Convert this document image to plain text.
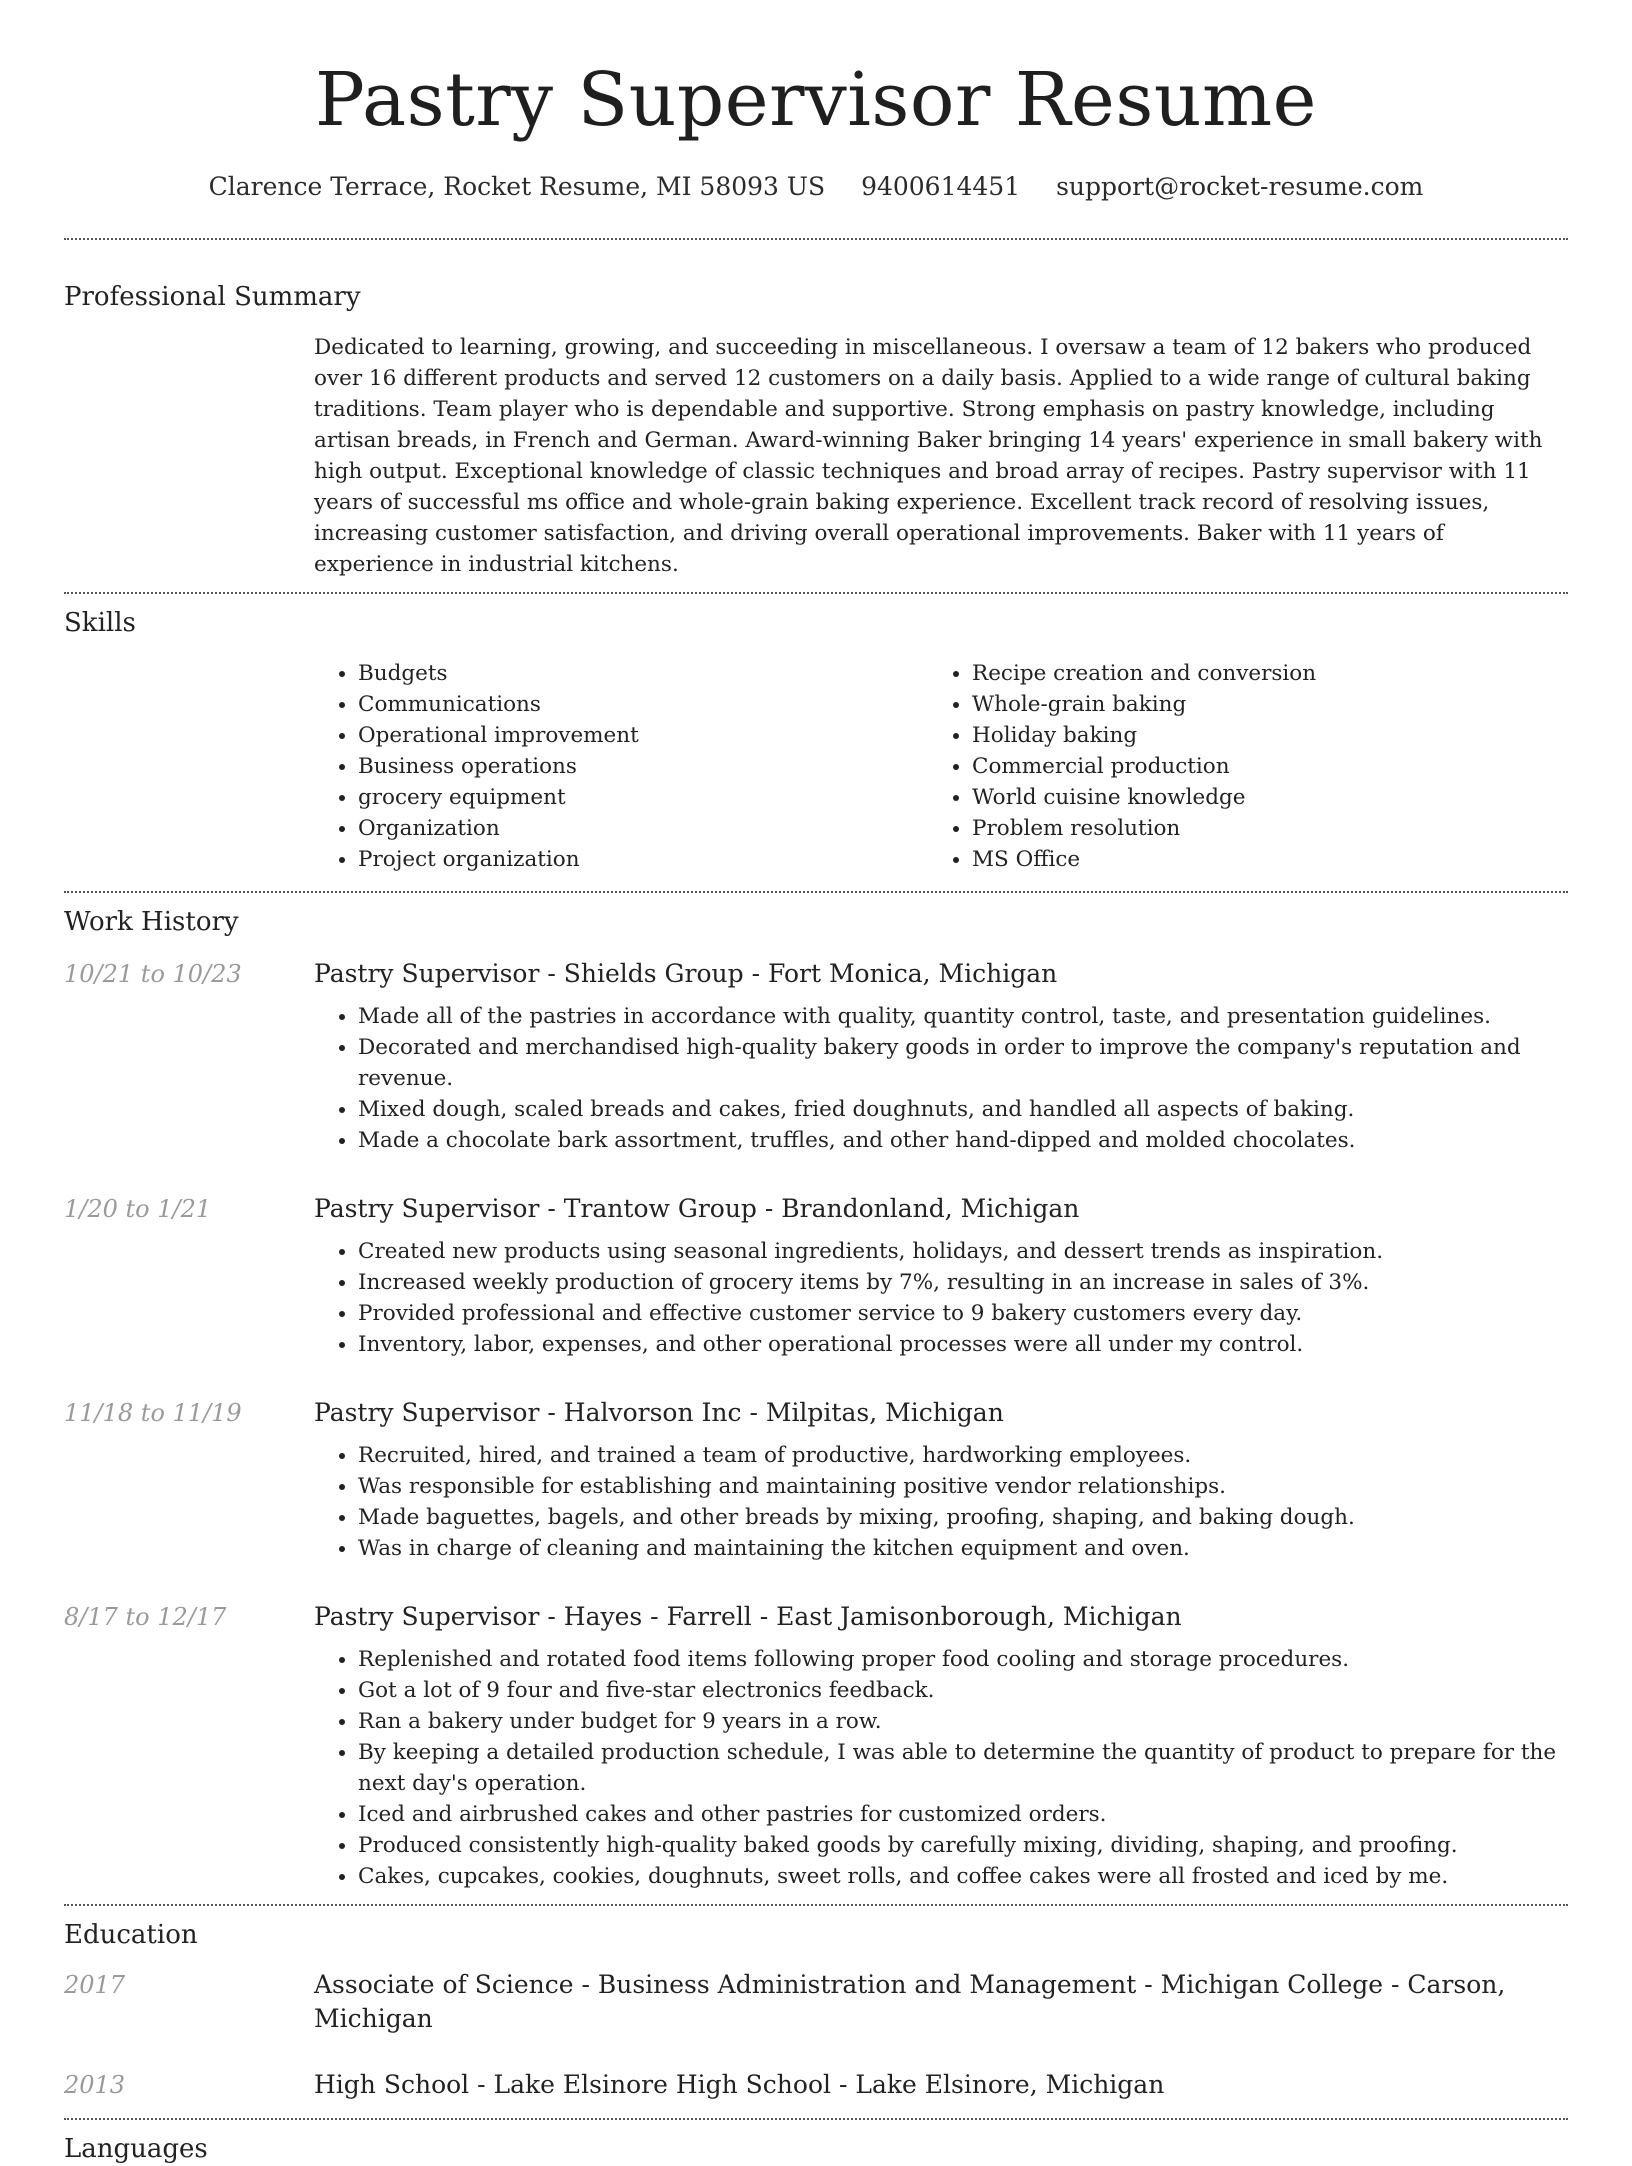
Pastry Supervisor Resume
Clarence Terrace, Rocket Resume, MI 58093 US 9400614451 support@rocket-resume.com
Professional Summary

Dedicated to learning, growing, and succeeding in miscellaneous. I oversaw a team of 12 bakers who produced over 16 different products and served 12 customers on a daily basis. Applied to a wide range of cultural baking traditions. Team player who is dependable and supportive. Strong emphasis on pastry knowledge, including artisan breads, in French and German. Award-winning Baker bringing 14 years' experience in small bakery with high output. Exceptional knowledge of classic techniques and broad array of recipes. Pastry supervisor with 11 years of successful ms office and whole-grain baking experience. Excellent track record of resolving issues, increasing customer satisfaction, and driving overall operational improvements. Baker with 11 years of experience in industrial kitchens.

Skills
• Budgets
• Communications
• Operational improvement
• Business operations
• grocery equipment
• Organization
• Project organization
• Recipe creation and conversion
• Whole-grain baking
• Holiday baking
• Commercial production
• World cuisine knowledge
• Problem resolution
• MS Office
Work History
10/21 to 10/23	Pastry Supervisor - Shields Group - Fort Monica, Michigan
• Made all of the pastries in accordance with quality, quantity control, taste, and presentation guidelines.
• Decorated and merchandised high-quality bakery goods in order to improve the company's reputation and revenue.
• Mixed dough, scaled breads and cakes, fried doughnuts, and handled all aspects of baking.
• Made a chocolate bark assortment, truffles, and other hand-dipped and molded chocolates.
1/20 to 1/21	Pastry Supervisor - Trantow Group - Brandonland, Michigan
• Created new products using seasonal ingredients, holidays, and dessert trends as inspiration.
• Increased weekly production of grocery items by 7%, resulting in an increase in sales of 3%.
• Provided professional and effective customer service to 9 bakery customers every day.
• Inventory, labor, expenses, and other operational processes were all under my control.
11/18 to 11/19	Pastry Supervisor - Halvorson Inc - Milpitas, Michigan
• Recruited, hired, and trained a team of productive, hardworking employees.
• Was responsible for establishing and maintaining positive vendor relationships.
• Made baguettes, bagels, and other breads by mixing, proofing, shaping, and baking dough.
• Was in charge of cleaning and maintaining the kitchen equipment and oven.
8/17 to 12/17	Pastry Supervisor - Hayes - Farrell - East Jamisonborough, Michigan
• Replenished and rotated food items following proper food cooling and storage procedures.
• Got a lot of 9 four and five-star electronics feedback.
• Ran a bakery under budget for 9 years in a row.
• By keeping a detailed production schedule, I was able to determine the quantity of product to prepare for the next day's operation.
• Iced and airbrushed cakes and other pastries for customized orders.
• Produced consistently high-quality baked goods by carefully mixing, dividing, shaping, and proofing.
• Cakes, cupcakes, cookies, doughnuts, sweet rolls, and coffee cakes were all frosted and iced by me.
Education
2017	Associate of Science - Business Administration and Management - Michigan College - Carson, Michigan
2013	High School - Lake Elsinore High School - Lake Elsinore, Michigan
Languages
